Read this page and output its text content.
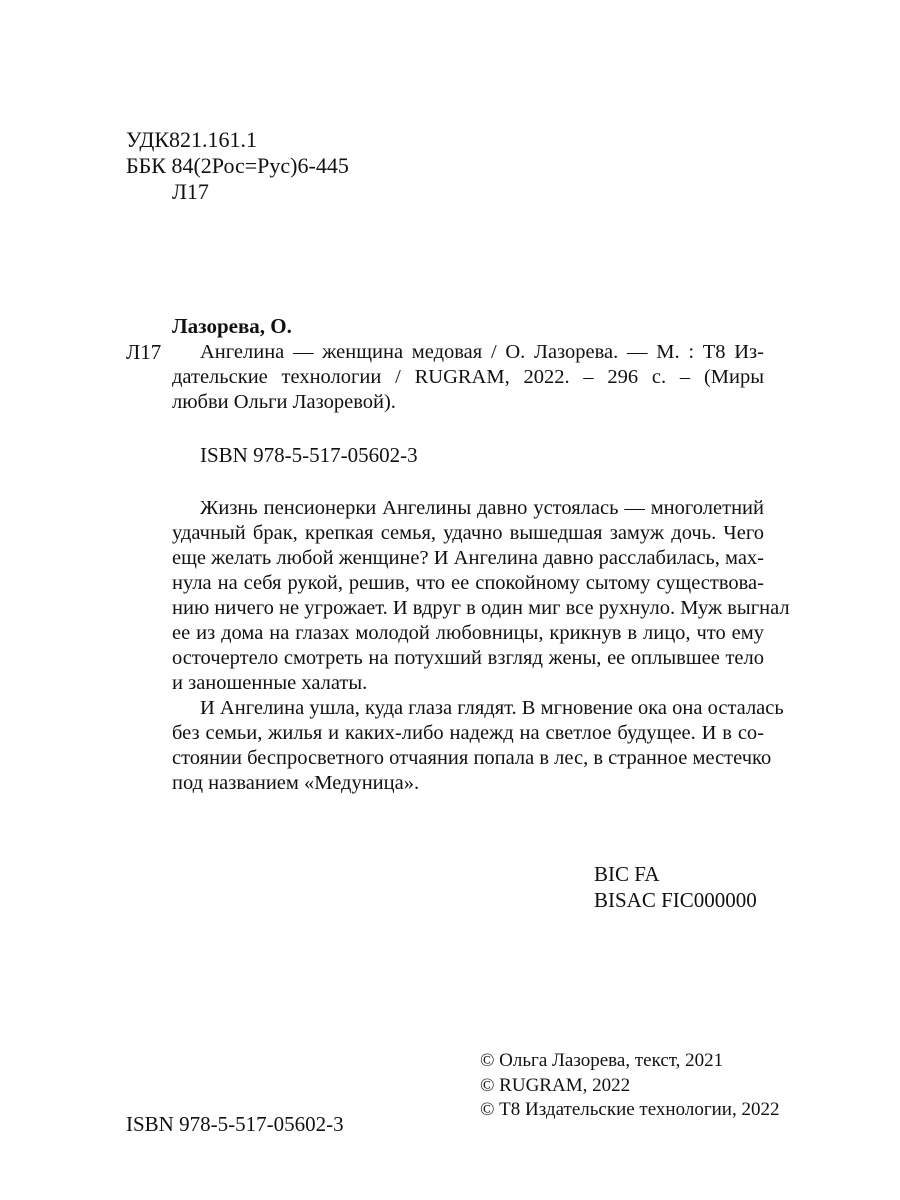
УДК821.161.1
ББК 84(2Рос=Рус)6-445
Л17
Лазорева, О.
Л17	Ангелина — женщина медовая / О. Лазорева. — М. : Т8 Из-
дательские технологии / RUGRAM, 2022. – 296 с. – (Миры
любви Ольги Лазоревой).
ISBN 978-5-517-05602-3
Жизнь пенсионерки Ангелины давно устоялась — многолетний
удачный брак, крепкая семья, удачно вышедшая замуж дочь. Чего
еще желать любой женщине? И Ангелина давно расслабилась, мах-
нула на себя рукой, решив, что ее спокойному сытому существова-
нию ничего не угрожает. И вдруг в один миг все рухнуло. Муж выгнал
ее из дома на глазах молодой любовницы, крикнув в лицо, что ему
осточертело смотреть на потухший взгляд жены, ее оплывшее тело
и заношенные халаты.
И Ангелина ушла, куда глаза глядят. В мгновение ока она осталась
без семьи, жилья и каких-либо надежд на светлое будущее. И в со-
стоянии беспросветного отчаяния попала в лес, в странное местечко
под названием «Медуница».
BIC FA
BISAC FIC000000
© Ольга Лазорева, текст, 2021
© RUGRAM, 2022
© Т8 Издательские технологии, 2022
ISBN 978-5-517-05602-3
